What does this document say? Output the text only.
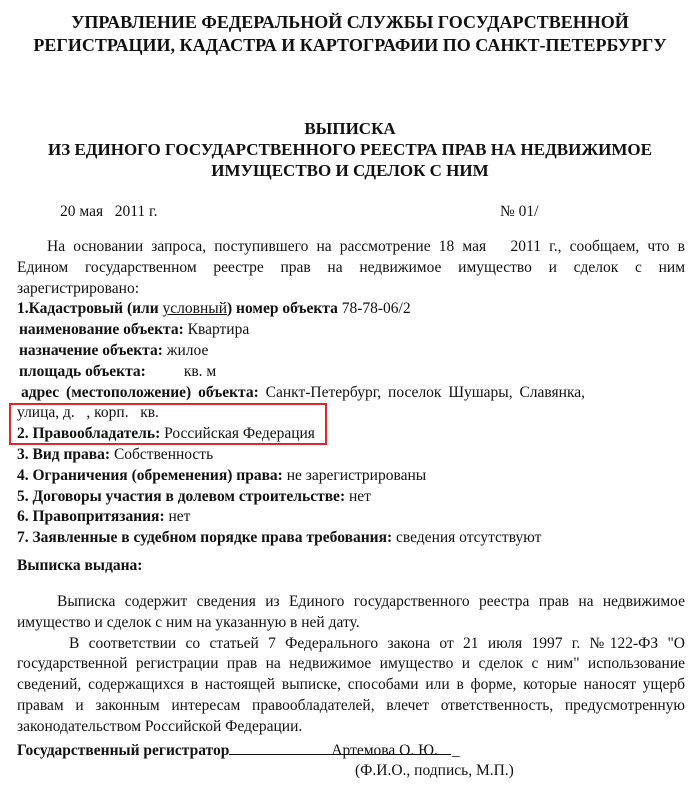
УПРАВЛЕНИЕ ФЕДЕРАЛЬНОЙ СЛУЖБЫ ГОСУДАРСТВЕННОЙ
РЕГИСТРАЦИИ, КАДАСТРА И КАРТОГРАФИИ ПО САНКТ-ПЕТЕРБУРГУ
ВЫПИСКА
ИЗ ЕДИНОГО ГОСУДАРСТВЕННОГО РЕЕСТРА ПРАВ НА НЕДВИЖИМОЕ
ИМУЩЕСТВО И СДЕЛОК С НИМ
20 мая   2011 г.	№ 01/
На основании запроса, поступившего на рассмотрение 18 мая   2011 г., сообщаем, что в
Едином государственном реестре прав на недвижимое имущество и сделок с ним
зарегистрировано:
1.Кадастровый (или условный) номер объекта 78-78-06/2
наименование объекта: Квартира
назначение объекта: жилое
площадь объекта: кв. м
адрес (местоположение) объекта: Санкт-Петербург, поселок Шушары, Славянка,
улица, д.   , корп.   кв.
2. Правообладатель: Российская Федерация
3. Вид права: Собственность
4. Ограничения (обременения) права: не зарегистрированы
5. Договоры участия в долевом строительстве: нет
6. Правопритязания: нет
7. Заявленные в судебном порядке права требования: сведения отсутствуют
Выписка выдана:
Выписка содержит сведения из Единого государственного реестра прав на недвижимое
имущество и сделок с ним на указанную в ней дату.
В соответствии со статьей 7 Федерального закона от 21 июля 1997 г. №122-ФЗ "О
государственной регистрации прав на недвижимое имущество и сделок с ним" использование
сведений, содержащихся в настоящей выписке, способами или в форме, которые наносят ущерб
правам и законным интересам правообладателей, влечет ответственность, предусмотренную
законодательством Российской Федерации.
Государственный регистратор	Артемова О. Ю. _
(Ф.И.О., подпись, М.П.)
